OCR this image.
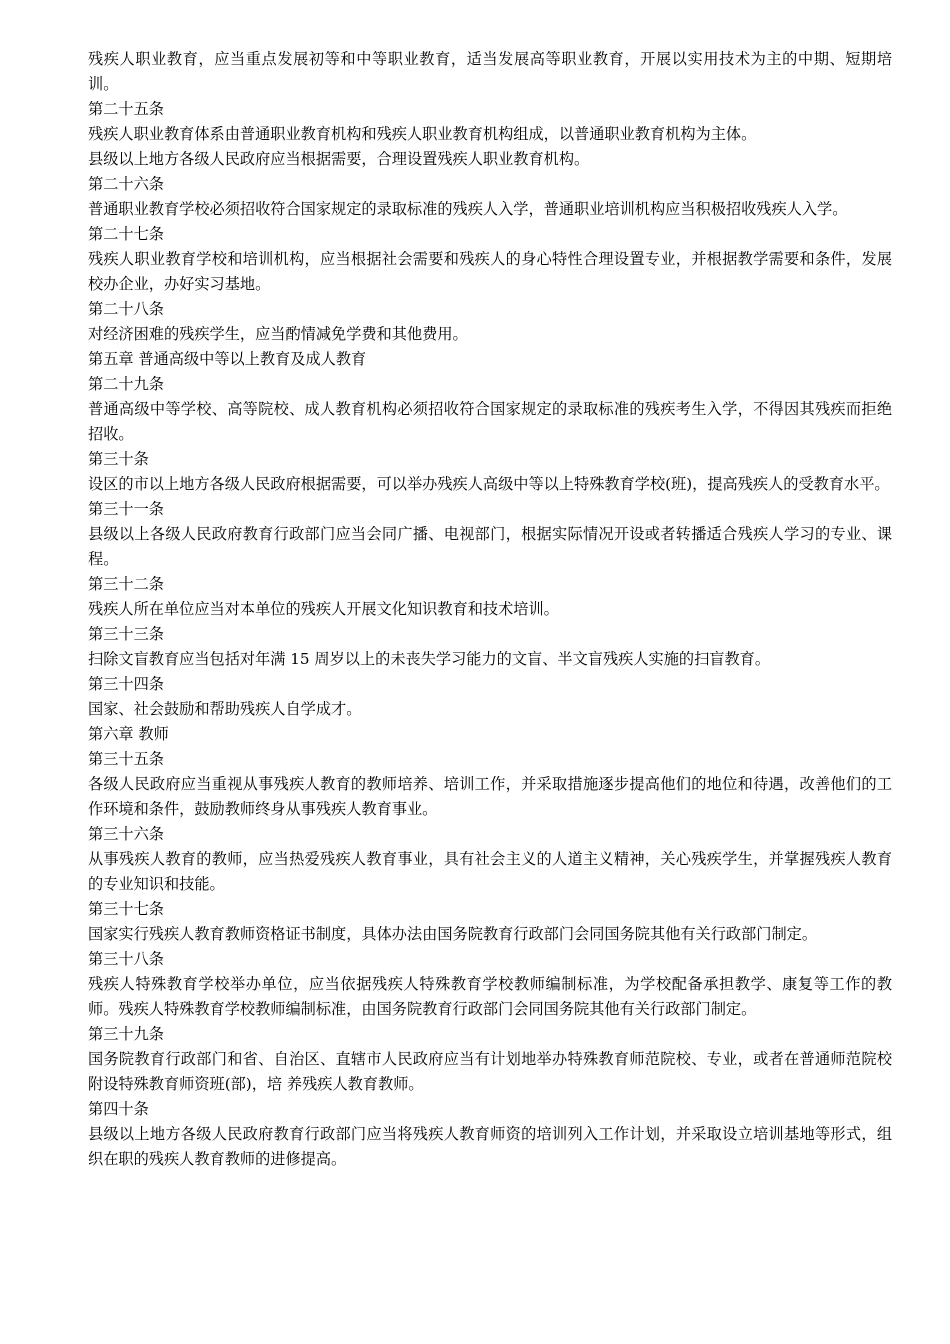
残疾人职业教育，应当重点发展初等和中等职业教育，适当发展高等职业教育，开展以实用技术为主的中期、短期培训。

第二十五条

残疾人职业教育体系由普通职业教育机构和残疾人职业教育机构组成，以普通职业教育机构为主体。

县级以上地方各级人民政府应当根据需要，合理设置残疾人职业教育机构。

第二十六条

普通职业教育学校必须招收符合国家规定的录取标准的残疾人入学，普通职业培训机构应当积极招收残疾人入学。

第二十七条

残疾人职业教育学校和培训机构，应当根据社会需要和残疾人的身心特性合理设置专业，并根据教学需要和条件，发展校办企业，办好实习基地。

第二十八条

对经济困难的残疾学生，应当酌情减免学费和其他费用。

第五章 普通高级中等以上教育及成人教育

第二十九条

普通高级中等学校、高等院校、成人教育机构必须招收符合国家规定的录取标准的残疾考生入学，不得因其残疾而拒绝招收。

第三十条

设区的市以上地方各级人民政府根据需要，可以举办残疾人高级中等以上特殊教育学校(班)，提高残疾人的受教育水平。

第三十一条

县级以上各级人民政府教育行政部门应当会同广播、电视部门，根据实际情况开设或者转播适合残疾人学习的专业、课程。

第三十二条

残疾人所在单位应当对本单位的残疾人开展文化知识教育和技术培训。

第三十三条

扫除文盲教育应当包括对年满 15 周岁以上的未丧失学习能力的文盲、半文盲残疾人实施的扫盲教育。

第三十四条

国家、社会鼓励和帮助残疾人自学成才。

第六章 教师

第三十五条

各级人民政府应当重视从事残疾人教育的教师培养、培训工作，并采取措施逐步提高他们的地位和待遇，改善他们的工作环境和条件，鼓励教师终身从事残疾人教育事业。

第三十六条

从事残疾人教育的教师，应当热爱残疾人教育事业，具有社会主义的人道主义精神，关心残疾学生，并掌握残疾人教育的专业知识和技能。

第三十七条

国家实行残疾人教育教师资格证书制度，具体办法由国务院教育行政部门会同国务院其他有关行政部门制定。

第三十八条

残疾人特殊教育学校举办单位，应当依据残疾人特殊教育学校教师编制标准，为学校配备承担教学、康复等工作的教师。残疾人特殊教育学校教师编制标准，由国务院教育行政部门会同国务院其他有关行政部门制定。

第三十九条

国务院教育行政部门和省、自治区、直辖市人民政府应当有计划地举办特殊教育师范院校、专业，或者在普通师范院校附设特殊教育师资班(部)，培 养残疾人教育教师。

第四十条

县级以上地方各级人民政府教育行政部门应当将残疾人教育师资的培训列入工作计划，并采取设立培训基地等形式，组织在职的残疾人教育教师的进修提高。
